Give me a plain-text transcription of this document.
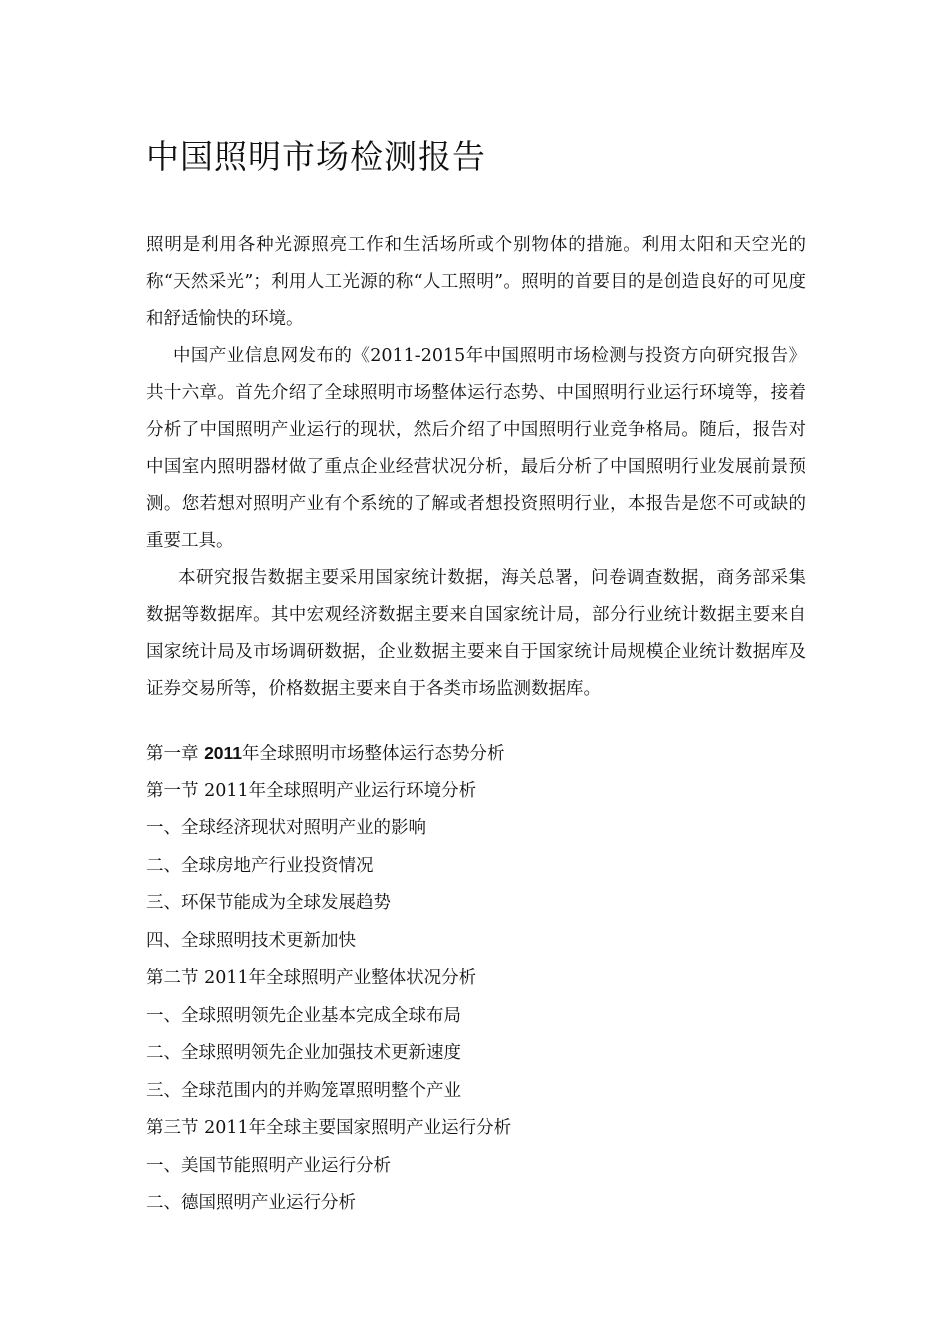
中国照明市场检测报告

照明是利用各种光源照亮工作和生活场所或个别物体的措施。利用太阳和天空光的称“天然采光”；利用人工光源的称“人工照明”。照明的首要目的是创造良好的可见度和舒适愉快的环境。

中国产业信息网发布的《2011-2015年中国照明市场检测与投资方向研究报告》共十六章。首先介绍了全球照明市场整体运行态势、中国照明行业运行环境等，接着分析了中国照明产业运行的现状，然后介绍了中国照明行业竞争格局。随后，报告对中国室内照明器材做了重点企业经营状况分析，最后分析了中国照明行业发展前景预测。您若想对照明产业有个系统的了解或者想投资照明行业，本报告是您不可或缺的重要工具。

本研究报告数据主要采用国家统计数据，海关总署，问卷调查数据，商务部采集数据等数据库。其中宏观经济数据主要来自国家统计局，部分行业统计数据主要来自国家统计局及市场调研数据，企业数据主要来自于国家统计局规模企业统计数据库及证券交易所等，价格数据主要来自于各类市场监测数据库。

第一章 2011年全球照明市场整体运行态势分析
第一节 2011年全球照明产业运行环境分析
一、全球经济现状对照明产业的影响
二、全球房地产行业投资情况
三、环保节能成为全球发展趋势
四、全球照明技术更新加快
第二节 2011年全球照明产业整体状况分析
一、全球照明领先企业基本完成全球布局
二、全球照明领先企业加强技术更新速度
三、全球范围内的并购笼罩照明整个产业
第三节 2011年全球主要国家照明产业运行分析
一、美国节能照明产业运行分析
二、德国照明产业运行分析
